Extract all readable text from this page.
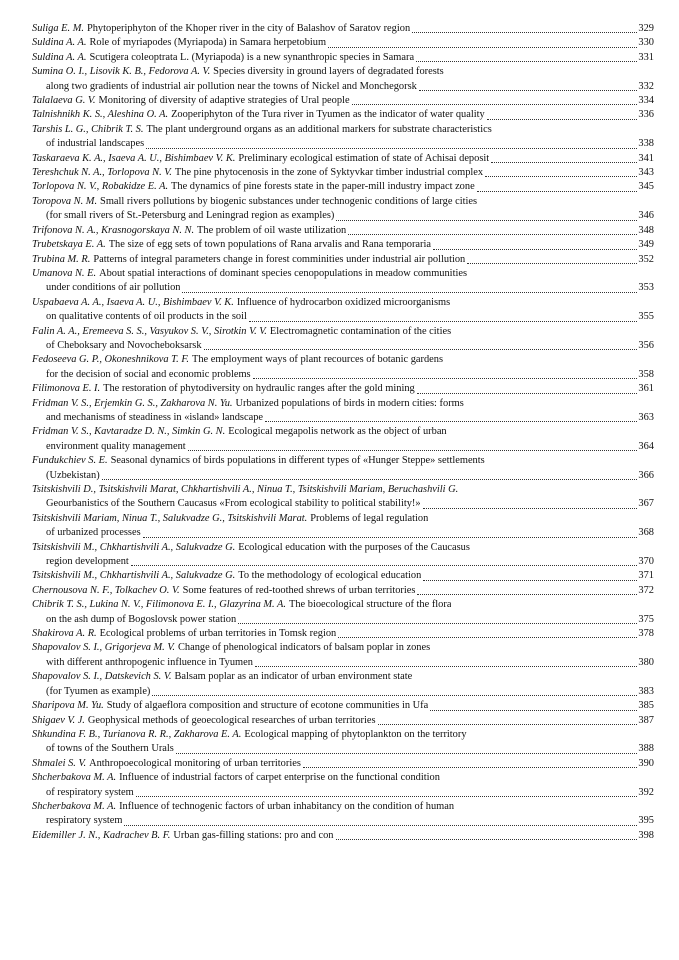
Suliga E. M. Phytoperiphyton of the Khoper river in the city of Balashov of Saratov region	329
Suldina A. A. Role of myriapodes (Myriapoda) in Samara herpetobium	330
Suldina A. A. Scutigera coleoptrata L. (Myriapoda) is a new synanthropic species in Samara	331
Sumina O. I., Lisovik K. B., Fedorova A. V. Species diversity in ground layers of degradated forests
along two gradients of industrial air pollution near the towns of Nickel and Monchegorsk	332
Talalaeva G. V. Monitoring of diversity of adaptive strategies of Ural people	334
Talnishnikh K. S., Aleshina O. A. Zooperiphyton of the Tura river in Tyumen as the indicator of water quality	336
Tarshis L. G., Chibrik T. S. The plant underground organs as an additional markers for substrate characteristics
of industrial landscapes	338
Taskaraeva K. A., Isaeva A. U., Bishimbaev V. K. Preliminary ecological estimation of state of Achisai deposit	341
Tereshchuk N. A., Torlopova N. V. The pine phytocenosis in the zone of Syktyvkar timber industrial complex	343
Torlopova N. V., Robakidze E. A. The dynamics of pine forests state in the paper-mill industry impact zone	345
Toropova N. M. Small rivers pollutions by biogenic substances under technogenic conditions of large cities
(for small rivers of St.-Petersburg and Leningrad region as examples)	346
Trifonova N. A., Krasnogorskaya N. N. The problem of oil waste utilization	348
Trubetskaya E. A. The size of egg sets of town populations of Rana arvalis and Rana temporaria	349
Trubina M. R. Patterns of integral parameters change in forest comminities under industrial air pollution	352
Umanova N. E. About spatial interactions of dominant species cenopopulations in meadow communities
under conditions of air pollution	353
Uspabaeva A. A., Isaeva A. U., Bishimbaev V. K. Influence of hydrocarbon oxidized microorganisms
on qualitative contents of oil products in the soil	355
Falin A. A., Eremeeva S. S., Vasyukov S. V., Sirotkin V. V. Electromagnetic contamination of the cities
of Cheboksary and Novocheboksarsk	356
Fedoseeva G. P., Okoneshnikova T. F. The employment ways of plant recources of botanic gardens
for the decision of social and economic problems	358
Filimonova E. I. The restoration of phytodiversity on hydraulic ranges after the gold mining	361
Fridman V. S., Erjemkin G. S., Zakharova N. Yu. Urbanized populations of birds in modern cities: forms
and mechanisms of steadiness in «island» landscape	363
Fridman V. S., Kavtaradze D. N., Simkin G. N. Ecological megapolis network as the object of urban
environment quality management	364
Fundukchiev S. E. Seasonal dynamics of birds populations in different types of «Hunger Steppe» settlements
(Uzbekistan)	366
Tsitskishvili D., Tsitskishvili Marat, Chkhartishvili A., Ninua T., Tsitskishvili Mariam, Beruchashvili G.
Geourbanistics of the Southern Caucasus «From ecological stability to political stability!»	367
Tsitskishvili Mariam, Ninua T., Salukvadze G., Tsitskishvili Marat. Problems of legal regulation
of urbanized processes	368
Tsitskishvili M., Chkhartishvili A., Salukvadze G. Ecological education with the purposes of the Caucasus
region development	370
Tsitskishvili M., Chkhartishvili A., Salukvadze G. To the methodology of ecological education	371
Chernousova N. F., Tolkachev O. V. Some features of red-toothed shrews of urban territories	372
Chibrik T. S., Lukina N. V., Filimonova E. I., Glazyrina M. A. The bioecological structure of the flora
on the ash dump of Bogoslovsk power station	375
Shakirova A. R. Ecological problems of urban territories in Tomsk region	378
Shapovalov S. I., Grigorjeva M. V. Change of phenological indicators of balsam poplar in zones
with different anthropogenic influence in Tyumen	380
Shapovalov S. I., Datskevich S. V. Balsam poplar as an indicator of urban environment state
(for Tyumen as example)	383
Sharipova M. Yu. Study of algaeflora composition and structure of ecotone communities in Ufa	385
Shigaev V. J. Geophysical methods of geoecological researches of urban territories	387
Shkundina F. B., Turianova R. R., Zakharova E. A. Ecological mapping of phytoplankton on the territory
of towns of the Southern Urals	388
Shmalei S. V. Anthropoecological monitoring of urban territories	390
Shcherbakova M. A. Influence of industrial factors of carpet enterprise on the functional condition
of respiratory system	392
Shcherbakova M. A. Influence of technogenic factors of urban inhabitancy on the condition of human
respiratory system	395
Eidemiller J. N., Kadrachev B. F. Urban gas-filling stations: pro and con	398
